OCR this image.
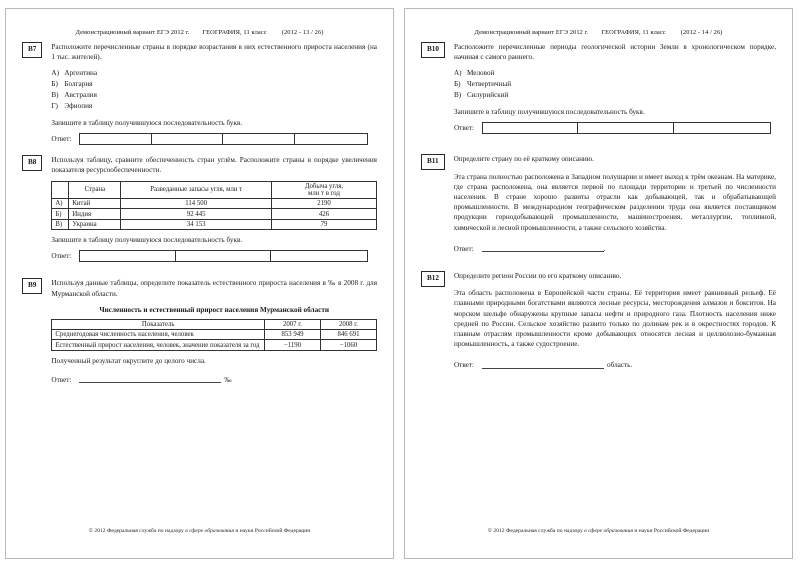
Демонстрационный вариант ЕГЭ 2012 г. ГЕОГРАФИЯ, 11 класс (2012 - 13 / 26)
B7	Расположите перечисленные страны в порядке возрастания в них естественного прироста населения (на 1 тыс. жителей).

А) Аргентина
Б) Болгария
В) Австралия
Г) Эфиопия
Запишите в таблицу получившуюся последовательность букв.
Ответ:
B8	Используя таблицу, сравните обеспеченность стран углём. Расположите страны в порядке увеличения показателя ресурсообеспеченности.

	Страна	Разведанные запасы угля, млн т	Добыча угля,
млн т в год
А)	Китай	114 500	2190
Б)	Индия	92 445	426
В)	Украина	34 153	79
Запишите в таблицу получившуюся последовательность букв.
Ответ:
B9	Используя данные таблицы, определите показатель естественного прироста населения в ‰ в 2008 г. для Мурманской области.

Численность и естественный прирост населения Мурманской области
Показатель	2007 г.	2008 г.
Среднегодовая численность населения, человек	853 949	846 691
Естественный прирост населения, человек, значение показателя за год	−1190	−1060
Полученный результат округлите до целого числа.
Ответ:	‰
© 2012 Федеральная служба по надзору в сфере образования и науки Российской Федерации
Демонстрационный вариант ЕГЭ 2012 г. ГЕОГРАФИЯ, 11 класс (2012 - 14 / 26)
B10	Расположите перечисленные периоды геологической истории Земли в хронологическом порядке, начиная с самого раннего.

А) Меловой
Б) Четвертичный
В) Силурийский
Запишите в таблицу получившуюся последовательность букв.
Ответ:
B11	Определите страну по её краткому описанию.

Эта страна полностью расположена в Западном полушарии и имеет выход к трём океанам. На материке, где страна расположена, она является первой по площади территории и третьей по численности населения. В стране хорошо развиты отрасли как добывающей, так и обрабатывающей промышленности. В международном географическом разделении труда она является поставщиком продукции горнодобывающей промышленности, машиностроения, металлургии, топливной, химической и лесной промышленности, а также сельского хозяйства.

Ответ:	.
B12	Определите регион России по его краткому описанию.

Эта область расположена в Европейской части страны. Её территория имеет равнинный рельеф. Её главными природными богатствами являются лесные ресурсы, месторождения алмазов и бокситов. На морском шельфе обнаружены крупные запасы нефти и природного газа. Плотность населения ниже средней по России. Сельское хозяйство развито только по долинам рек и в окрестностях городов. К главным отраслям промышленности кроме добывающих относятся лесная и целлюлозно-бумажная промышленность, а также судостроение.

Ответ:	область.
© 2012 Федеральная служба по надзору в сфере образования и науки Российской Федерации
